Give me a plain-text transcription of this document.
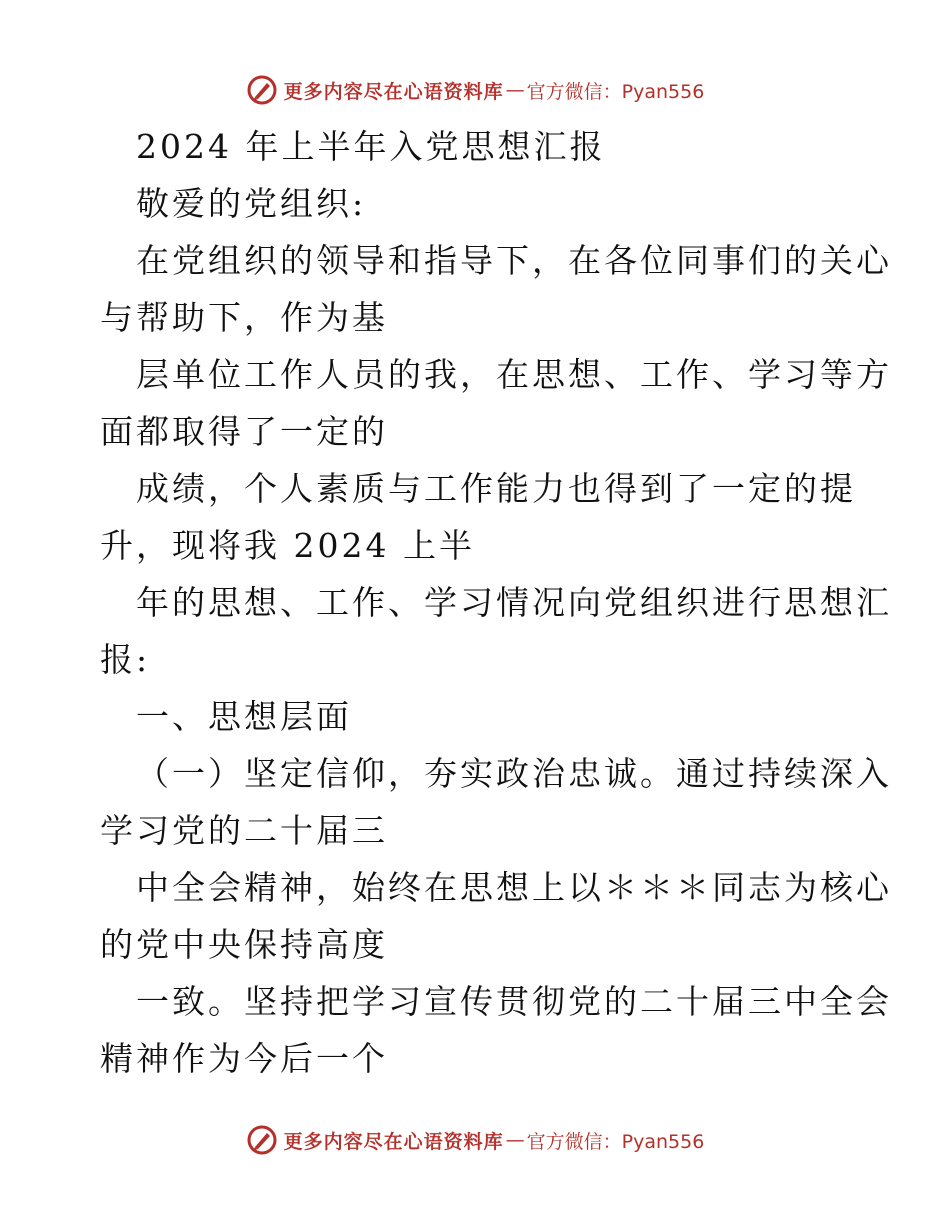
更多内容尽在心语资料库 — 官方微信：Pyan556
2024 年上半年入党思想汇报
敬爱的党组织:
在党组织的领导和指导下，在各位同事们的关心
与帮助下，作为基
层单位工作人员的我，在思想、工作、学习等方
面都取得了一定的
成绩，个人素质与工作能力也得到了一定的提
升，现将我 2024 上半
年的思想、工作、学习情况向党组织进行思想汇
报:
一、思想层面
（一）坚定信仰，夯实政治忠诚。通过持续深入
学习党的二十届三
中全会精神，始终在思想上以＊＊＊同志为核心
的党中央保持高度
一致。坚持把学习宣传贯彻党的二十届三中全会
精神作为今后一个
更多内容尽在心语资料库 — 官方微信：Pyan556
